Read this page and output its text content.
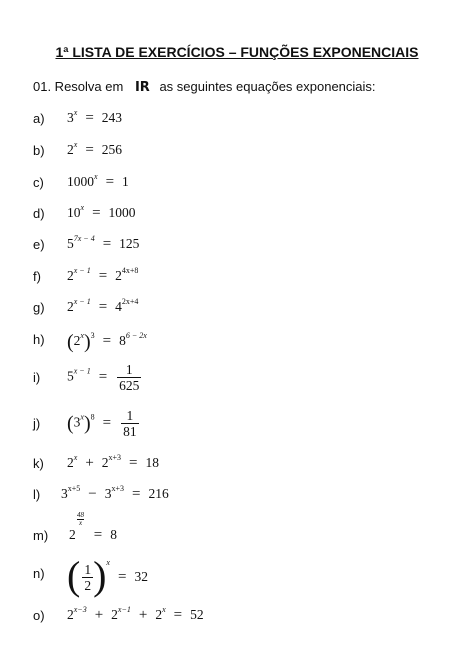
1ª LISTA DE EXERCÍCIOS – FUNÇÕES EXPONENCIAIS
01. Resolva em IR as seguintes equações exponenciais:
a) $3^x = 243$
b) $2^x = 256$
c) $1000^x = 1$
d) $10^x = 1000$
e) $5^{7x - 4} = 125$
f) $2^{x - 1} = 2^{4x+8}$
g) $2^{x - 1} = 4^{2x+4}$
h) $(2^x)^3 = 8^{6 - 2x}$
i) $5^{x - 1} = \frac{1}{625}$
j) $(3^x)^8 = \frac{1}{81}$
k) $2^x + 2^{x+3} = 18$
l) $3^{x+5} - 3^{x+3} = 216$
m) 2
48
x
= 8
n) ( $\frac{1}{2} )^x= 32$
o) $2^{x-3} + 2^{x-1} + 2^x = 52$
